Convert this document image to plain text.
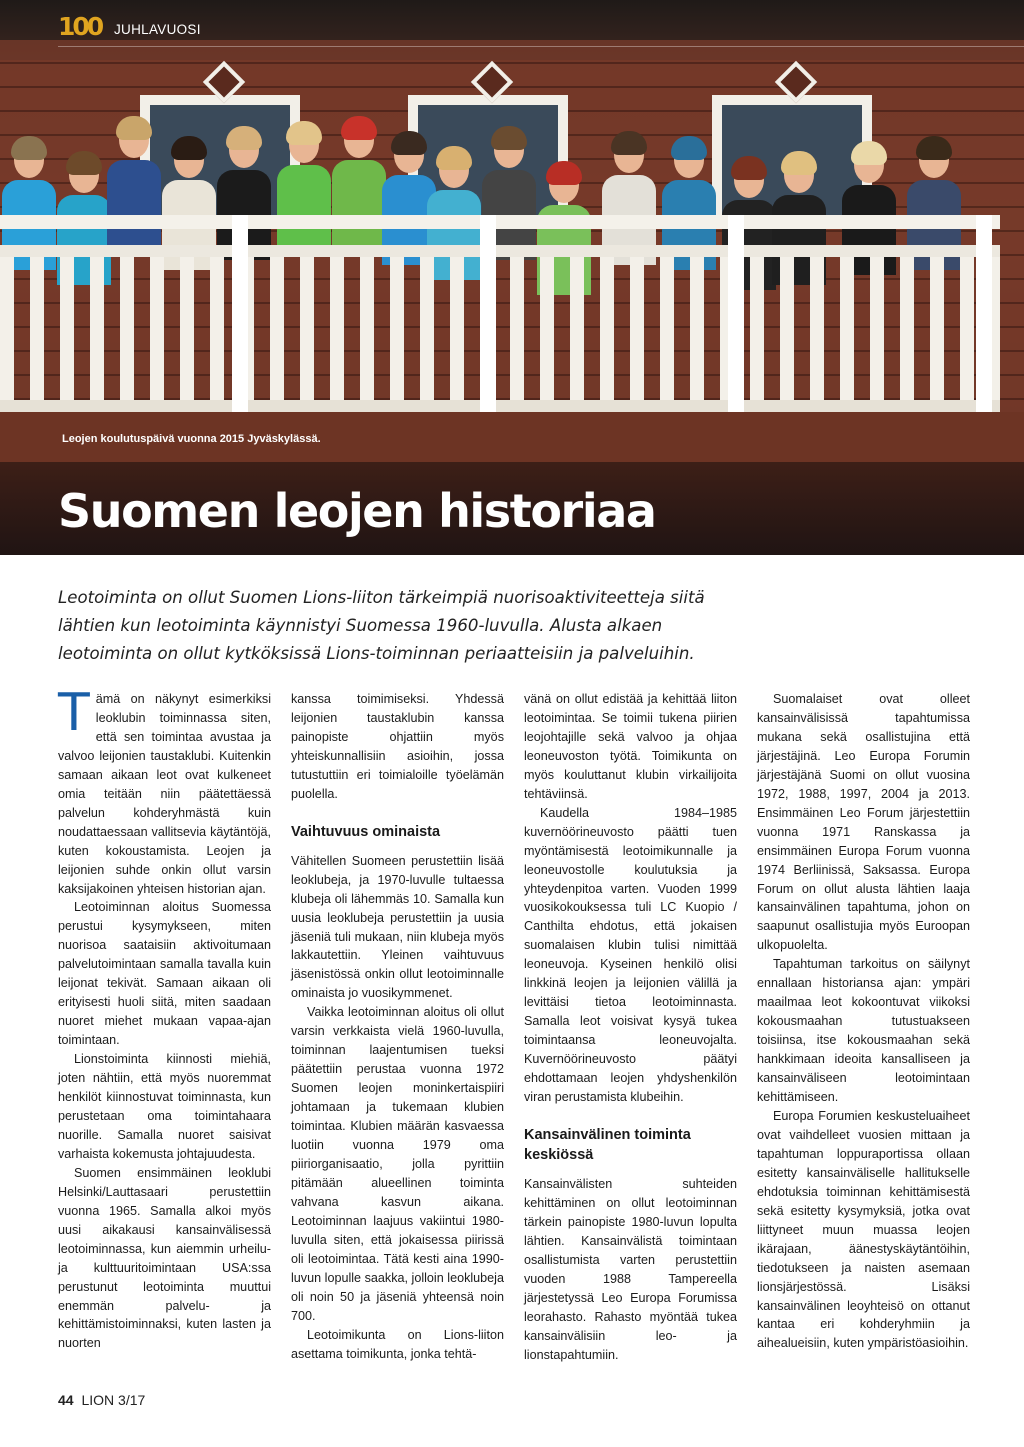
100 JUHLAVUOSI
Leojen koulutuspäivä vuonna 2015 Jyväskylässä.
Suomen leojen historiaa
Leotoiminta on ollut Suomen Lions-liiton tärkeimpiä nuorisoaktiviteetteja siitä lähtien kun leotoiminta käynnistyi Suomessa 1960-luvulla. Alusta alkaen leotoiminta on ollut kytköksissä Lions-toiminnan periaatteisiin ja palveluihin.

Tämä on näkynyt esimerkiksi leoklubin toiminnassa siten, että sen toimintaa avustaa ja valvoo leijonien taustaklubi. Kuitenkin samaan aikaan leot ovat kulkeneet omia teitään niin päätettäessä palvelun kohderyhmästä kuin noudattaessaan vallitsevia käytäntöjä, kuten kokoustamista. Leojen ja leijonien suhde onkin ollut varsin kaksijakoinen yhteisen historian ajan.

Leotoiminnan aloitus Suomessa perustui kysymykseen, miten nuorisoa saataisiin aktivoitumaan palvelutoimintaan samalla tavalla kuin leijonat tekivät. Samaan aikaan oli erityisesti huoli siitä, miten saadaan nuoret miehet mukaan vapaa-ajan toimintaan.

Lionstoiminta kiinnosti miehiä, joten nähtiin, että myös nuoremmat henkilöt kiinnostuvat toiminnasta, kun perustetaan oma toimintahaara nuorille. Samalla nuoret saisivat varhaista kokemusta johtajuudesta.

Suomen ensimmäinen leoklubi Helsinki/Lauttasaari perustettiin vuonna 1965. Samalla alkoi myös uusi aikakausi kansainvälisessä leotoiminnassa, kun aiemmin urheilu- ja kulttuuritoimintaan USA:ssa perustunut leotoiminta muuttui enemmän palvelu- ja kehittämistoiminnaksi, kuten lasten ja nuorten

kanssa toimimiseksi. Yhdessä leijonien taustaklubin kanssa painopiste ohjattiin myös yhteiskunnallisiin asioihin, jossa tutustuttiin eri toimialoille työelämän puolella.

Vaihtuvuus ominaista

Vähitellen Suomeen perustettiin lisää leoklubeja, ja 1970-luvulle tultaessa klubeja oli lähemmäs 10. Samalla kun uusia leoklubeja perustettiin ja uusia jäseniä tuli mukaan, niin klubeja myös lakkautettiin. Yleinen vaihtuvuus jäsenistössä onkin ollut leotoiminnalle ominaista jo vuosikymmenet.

Vaikka leotoiminnan aloitus oli ollut varsin verkkaista vielä 1960-luvulla, toiminnan laajentumisen tueksi päätettiin perustaa vuonna 1972 Suomen leojen moninkertaispiiri johtamaan ja tukemaan klubien toimintaa. Klubien määrän kasvaessa luotiin vuonna 1979 oma piiriorganisaatio, jolla pyrittiin pitämään alueellinen toiminta vahvana kasvun aikana. Leotoiminnan laajuus vakiintui 1980-luvulla siten, että jokaisessa piirissä oli leotoimintaa. Tätä kesti aina 1990-luvun lopulle saakka, jolloin leoklubeja oli noin 50 ja jäseniä yhteensä noin 700.

Leotoimikunta on Lions-liiton asettama toimikunta, jonka tehtä-

vänä on ollut edistää ja kehittää liiton leotoimintaa. Se toimii tukena piirien leojohtajille sekä valvoo ja ohjaa leoneuvoston työtä. Toimikunta on myös kouluttanut klubin virkailijoita tehtäviinsä.

Kaudella 1984–1985 kuvernöörineuvosto päätti tuen myöntämisestä leotoimikunnalle ja leoneuvostolle koulutuksia ja yhteydenpitoa varten. Vuoden 1999 vuosikokouksessa tuli LC Kuopio / Canthilta ehdotus, että jokaisen suomalaisen klubin tulisi nimittää leoneuvoja. Kyseinen henkilö olisi linkkinä leojen ja leijonien välillä ja levittäisi tietoa leotoiminnasta. Samalla leot voisivat kysyä tukea toimintaansa leoneuvojalta. Kuvernöörineuvosto päätyi ehdottamaan leojen yhdyshenkilön viran perustamista klubeihin.

Kansainvälinen toiminta keskiössä

Kansainvälisten suhteiden kehittäminen on ollut leotoiminnan tärkein painopiste 1980-luvun lopulta lähtien. Kansainvälistä toimintaan osallistumista varten perustettiin vuoden 1988 Tampereella järjestetyssä Leo Europa Forumissa leorahasto. Rahasto myöntää tukea kansainvälisiin leo- ja lionstapahtumiin.

Suomalaiset ovat olleet kansainvälisissä tapahtumissa mukana sekä osallistujina että järjestäjinä. Leo Europa Forumin järjestäjänä Suomi on ollut vuosina 1972, 1988, 1997, 2004 ja 2013. Ensimmäinen Leo Forum järjestettiin vuonna 1971 Ranskassa ja ensimmäinen Europa Forum vuonna 1974 Berliinissä, Saksassa. Europa Forum on ollut alusta lähtien laaja kansainvälinen tapahtuma, johon on saapunut osallistujia myös Euroopan ulkopuolelta.

Tapahtuman tarkoitus on säilynyt ennallaan historiansa ajan: ympäri maailmaa leot kokoontuvat viikoksi kokousmaahan tutustuakseen toisiinsa, itse kokousmaahan sekä hankkimaan ideoita kansalliseen ja kansainväliseen leotoimintaan kehittämiseen.

Europa Forumien keskusteluaiheet ovat vaihdelleet vuosien mittaan ja tapahtuman loppuraportissa ollaan esitetty kansainväliselle hallitukselle ehdotuksia toiminnan kehittämisestä sekä esitetty kysymyksiä, jotka ovat liittyneet muun muassa leojen ikärajaan, äänestyskäytäntöihin, tiedotukseen ja naisten asemaan lionsjärjestössä. Lisäksi kansainvälinen leoyhteisö on ottanut kantaa eri kohderyhmiin ja aihealueisiin, kuten ympäristöasioihin.

44 LION 3/17
